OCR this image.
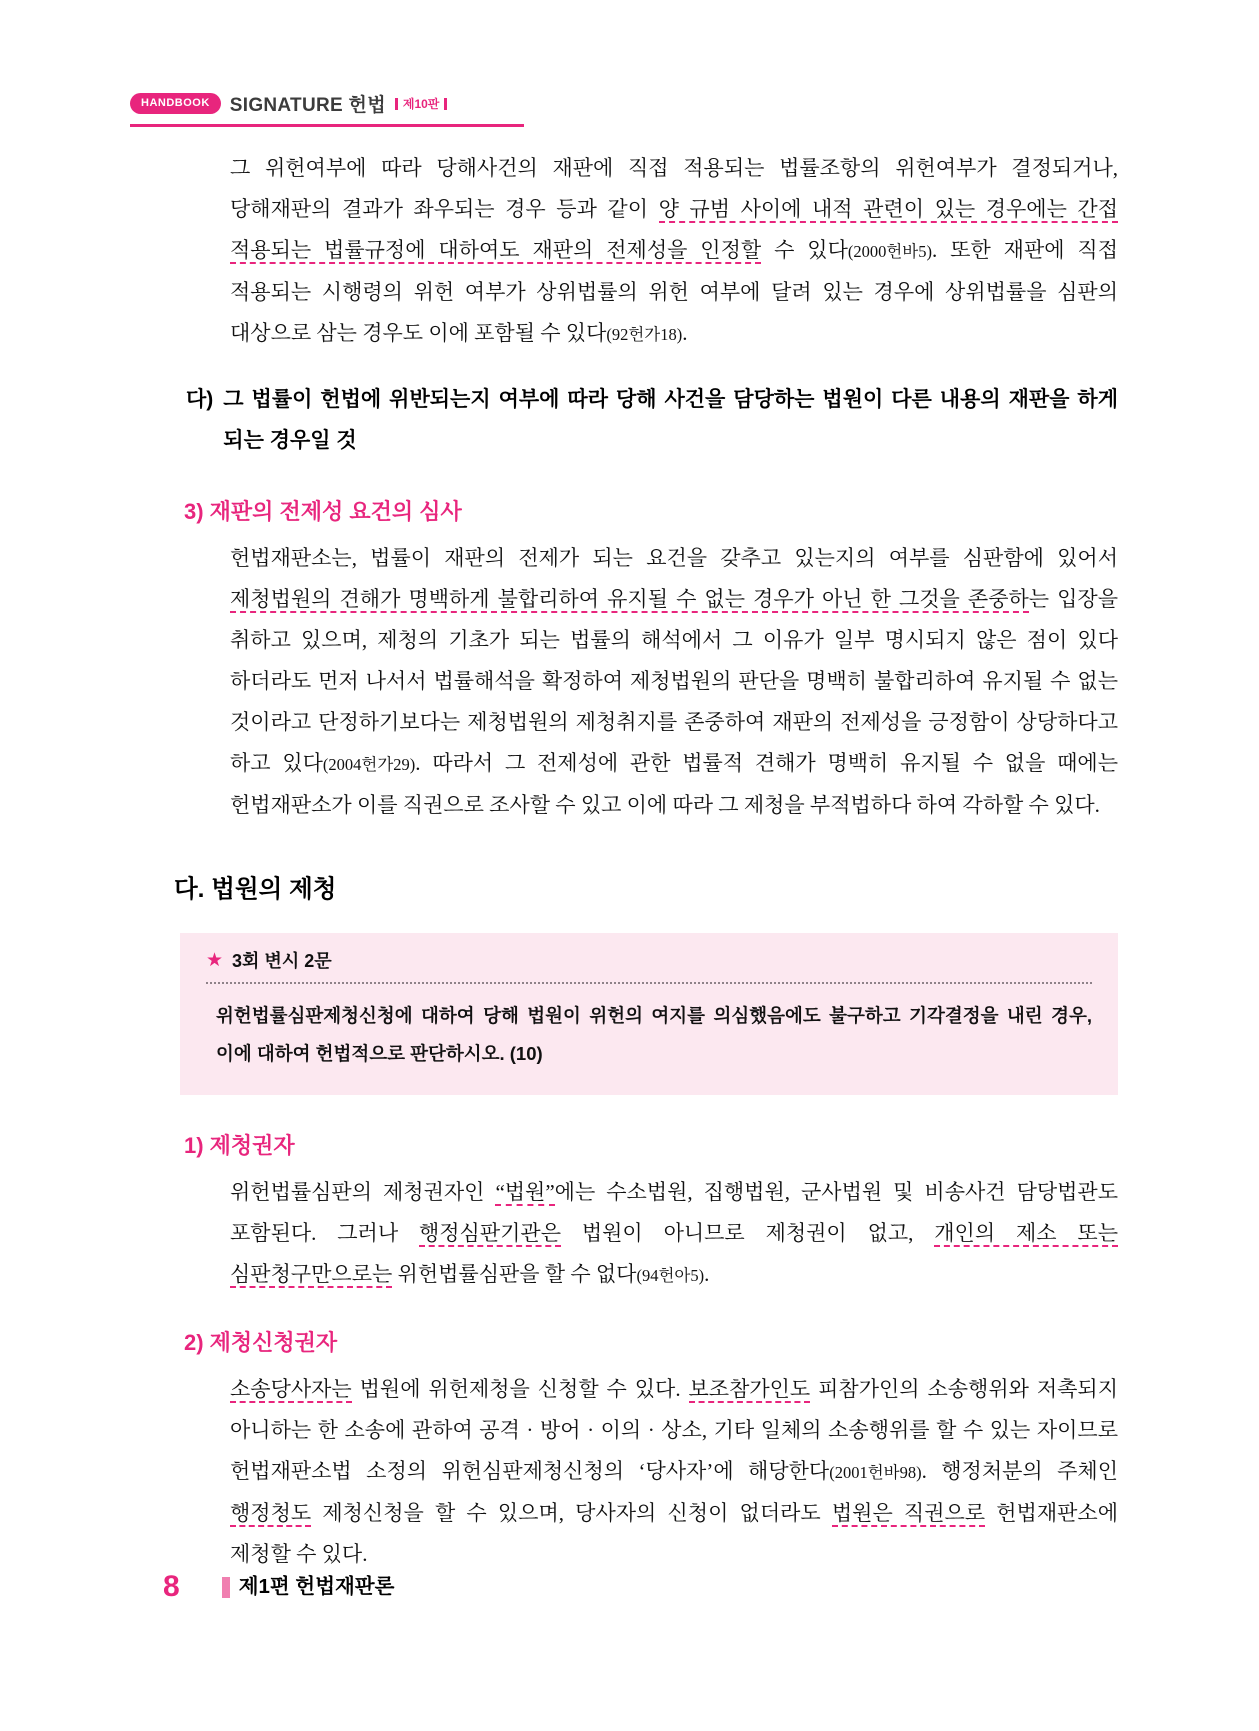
HANDBOOK	SIGNATURE 헌법 제10판

그 위헌여부에 따라 당해사건의 재판에 직접 적용되는 법률조항의 위헌여부가 결정되거나, 당해재판의 결과가 좌우되는 경우 등과 같이 양 규범 사이에 내적 관련이 있는 경우에는 간접 적용되는 법률규정에 대하여도 재판의 전제성을 인정할 수 있다(2000헌바5). 또한 재판에 직접 적용되는 시행령의 위헌 여부가 상위법률의 위헌 여부에 달려 있는 경우에 상위법률을 심판의 대상으로 삼는 경우도 이에 포함될 수 있다(92헌가18).

다) 그 법률이 헌법에 위반되는지 여부에 따라 당해 사건을 담당하는 법원이 다른 내용의 재판을 하게 되는 경우일 것
3) 재판의 전제성 요건의 심사

헌법재판소는, 법률이 재판의 전제가 되는 요건을 갖추고 있는지의 여부를 심판함에 있어서 제청법원의 견해가 명백하게 불합리하여 유지될 수 없는 경우가 아닌 한 그것을 존중하는 입장을 취하고 있으며, 제청의 기초가 되는 법률의 해석에서 그 이유가 일부 명시되지 않은 점이 있다 하더라도 먼저 나서서 법률해석을 확정하여 제청법원의 판단을 명백히 불합리하여 유지될 수 없는 것이라고 단정하기보다는 제청법원의 제청취지를 존중하여 재판의 전제성을 긍정함이 상당하다고 하고 있다(2004헌가29). 따라서 그 전제성에 관한 법률적 견해가 명백히 유지될 수 없을 때에는 헌법재판소가 이를 직권으로 조사할 수 있고 이에 따라 그 제청을 부적법하다 하여 각하할 수 있다.

다. 법원의 제청
★ 3회 변시 2문

위헌법률심판제청신청에 대하여 당해 법원이 위헌의 여지를 의심했음에도 불구하고 기각결정을 내린 경우, 이에 대하여 헌법적으로 판단하시오. (10)

1) 제청권자

위헌법률심판의 제청권자인 “법원”에는 수소법원, 집행법원, 군사법원 및 비송사건 담당법관도 포함된다. 그러나 행정심판기관은 법원이 아니므로 제청권이 없고, 개인의 제소 또는 심판청구만으로는 위헌법률심판을 할 수 없다(94헌아5).

2) 제청신청권자

소송당사자는 법원에 위헌제청을 신청할 수 있다. 보조참가인도 피참가인의 소송행위와 저촉되지 아니하는 한 소송에 관하여 공격 · 방어 · 이의 · 상소, 기타 일체의 소송행위를 할 수 있는 자이므로 헌법재판소법 소정의 위헌심판제청신청의 ‘당사자’에 해당한다(2001헌바98). 행정처분의 주체인 행정청도 제청신청을 할 수 있으며, 당사자의 신청이 없더라도 법원은 직권으로 헌법재판소에 제청할 수 있다.

8	제1편 헌법재판론
